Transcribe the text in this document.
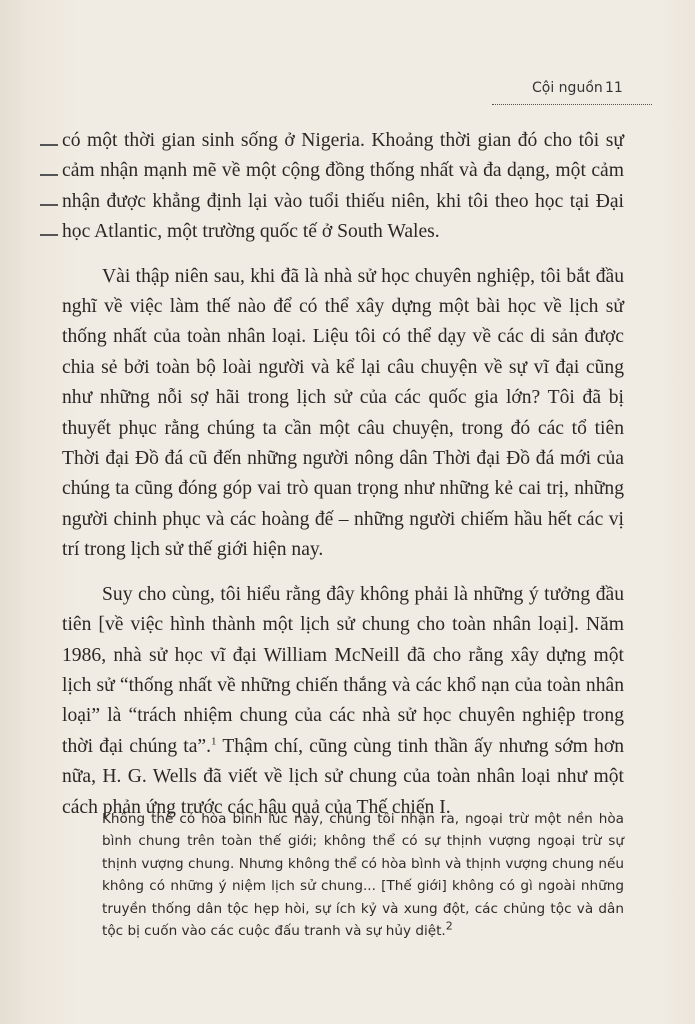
Cội nguồn 11

có một thời gian sinh sống ở Nigeria. Khoảng thời gian đó cho tôi sự cảm nhận mạnh mẽ về một cộng đồng thống nhất và đa dạng, một cảm nhận được khẳng định lại vào tuổi thiếu niên, khi tôi theo học tại Đại học Atlantic, một trường quốc tế ở South Wales.

Vài thập niên sau, khi đã là nhà sử học chuyên nghiệp, tôi bắt đầu nghĩ về việc làm thế nào để có thể xây dựng một bài học về lịch sử thống nhất của toàn nhân loại. Liệu tôi có thể dạy về các di sản được chia sẻ bởi toàn bộ loài người và kể lại câu chuyện về sự vĩ đại cũng như những nỗi sợ hãi trong lịch sử của các quốc gia lớn? Tôi đã bị thuyết phục rằng chúng ta cần một câu chuyện, trong đó các tổ tiên Thời đại Đồ đá cũ đến những người nông dân Thời đại Đồ đá mới của chúng ta cũng đóng góp vai trò quan trọng như những kẻ cai trị, những người chinh phục và các hoàng đế – những người chiếm hầu hết các vị trí trong lịch sử thế giới hiện nay.

Suy cho cùng, tôi hiểu rằng đây không phải là những ý tưởng đầu tiên [về việc hình thành một lịch sử chung cho toàn nhân loại]. Năm 1986, nhà sử học vĩ đại William McNeill đã cho rằng xây dựng một lịch sử “thống nhất về những chiến thắng và các khổ nạn của toàn nhân loại” là “trách nhiệm chung của các nhà sử học chuyên nghiệp trong thời đại chúng ta”.$^1$ Thậm chí, cũng cùng tinh thần ấy nhưng sớm hơn nữa, H. G. Wells đã viết về lịch sử chung của toàn nhân loại như một cách phản ứng trước các hậu quả của Thế chiến I.

Không thể có hòa bình lúc này, chúng tôi nhận ra, ngoại trừ một nền hòa bình chung trên toàn thế giới; không thể có sự thịnh vượng ngoại trừ sự thịnh vượng chung. Nhưng không thể có hòa bình và thịnh vượng chung nếu không có những ý niệm lịch sử chung... [Thế giới] không có gì ngoài những truyền thống dân tộc hẹp hòi, sự ích kỷ và xung đột, các chủng tộc và dân tộc bị cuốn vào các cuộc đấu tranh và sự hủy diệt.$^2$
